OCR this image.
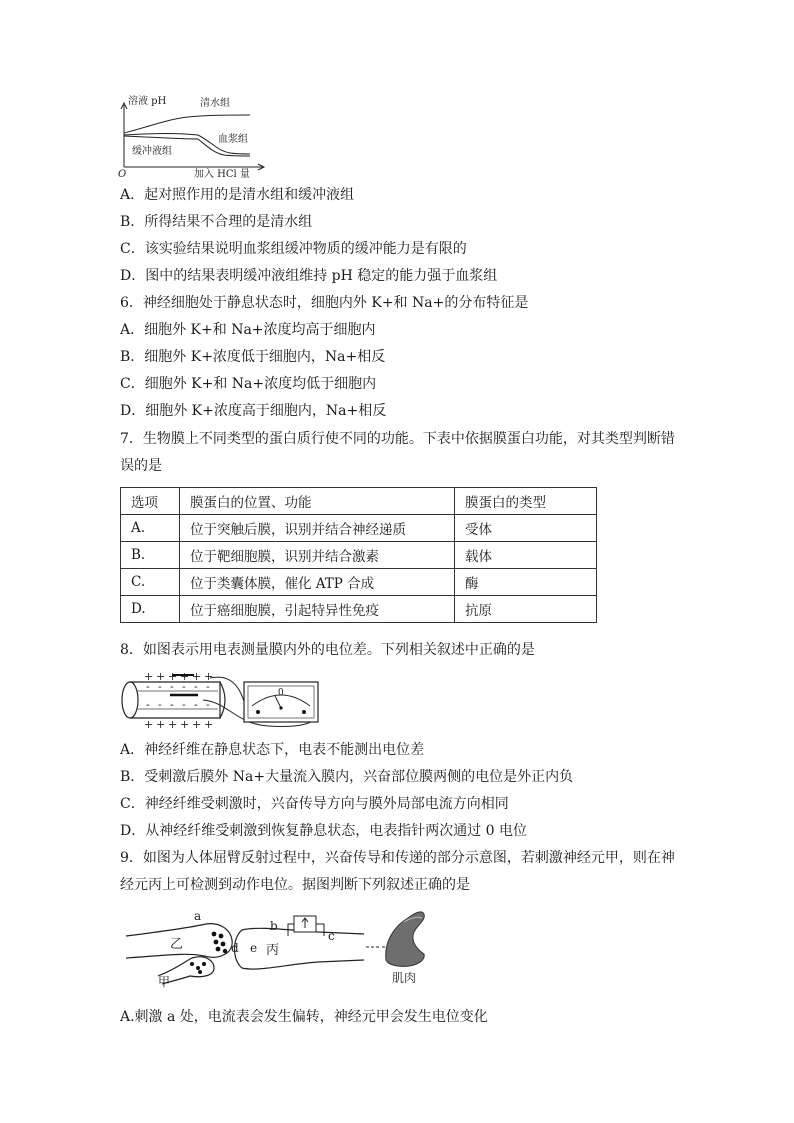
溶液 pH	清水组
血浆组
缓冲液组
O	加入 HCl 量
A．起对照作用的是清水组和缓冲液组
B．所得结果不合理的是清水组
C．该实验结果说明血浆组缓冲物质的缓冲能力是有限的
D．图中的结果表明缓冲液组维持 pH 稳定的能力强于血浆组
6．神经细胞处于静息状态时，细胞内外 K+和 Na+的分布特征是
A．细胞外 K+和 Na+浓度均高于细胞内
B．细胞外 K+浓度低于细胞内，Na+相反
C．细胞外 K+和 Na+浓度均低于细胞内
D．细胞外 K+浓度高于细胞内，Na+相反
7．生物膜上不同类型的蛋白质行使不同的功能。下表中依据膜蛋白功能，对其类型判断错
误的是
选项	膜蛋白的位置、功能	膜蛋白的类型
A.	位于突触后膜，识别并结合神经递质	受体
B.	位于靶细胞膜，识别并结合激素	载体
C.	位于类囊体膜，催化 ATP 合成	酶
D.	位于癌细胞膜，引起特异性免疫	抗原
8．如图表示用电表测量膜内外的电位差。下列相关叙述中正确的是
+ + + + + +
- - - - - -
- - - - - -
+ + + + + +
0
A．神经纤维在静息状态下，电表不能测出电位差
B．受刺激后膜外 Na+大量流入膜内，兴奋部位膜两侧的电位是外正内负
C．神经纤维受刺激时，兴奋传导方向与膜外局部电流方向相同
D．从神经纤维受刺激到恢复静息状态，电表指针两次通过 0 电位
9．如图为人体屈臂反射过程中，兴奋传导和传递的部分示意图，若刺激神经元甲，则在神
经元丙上可检测到动作电位。据图判断下列叙述正确的是
a
乙	d e 丙
b
c
甲	肌肉
A.刺激 a 处，电流表会发生偏转，神经元甲会发生电位变化
